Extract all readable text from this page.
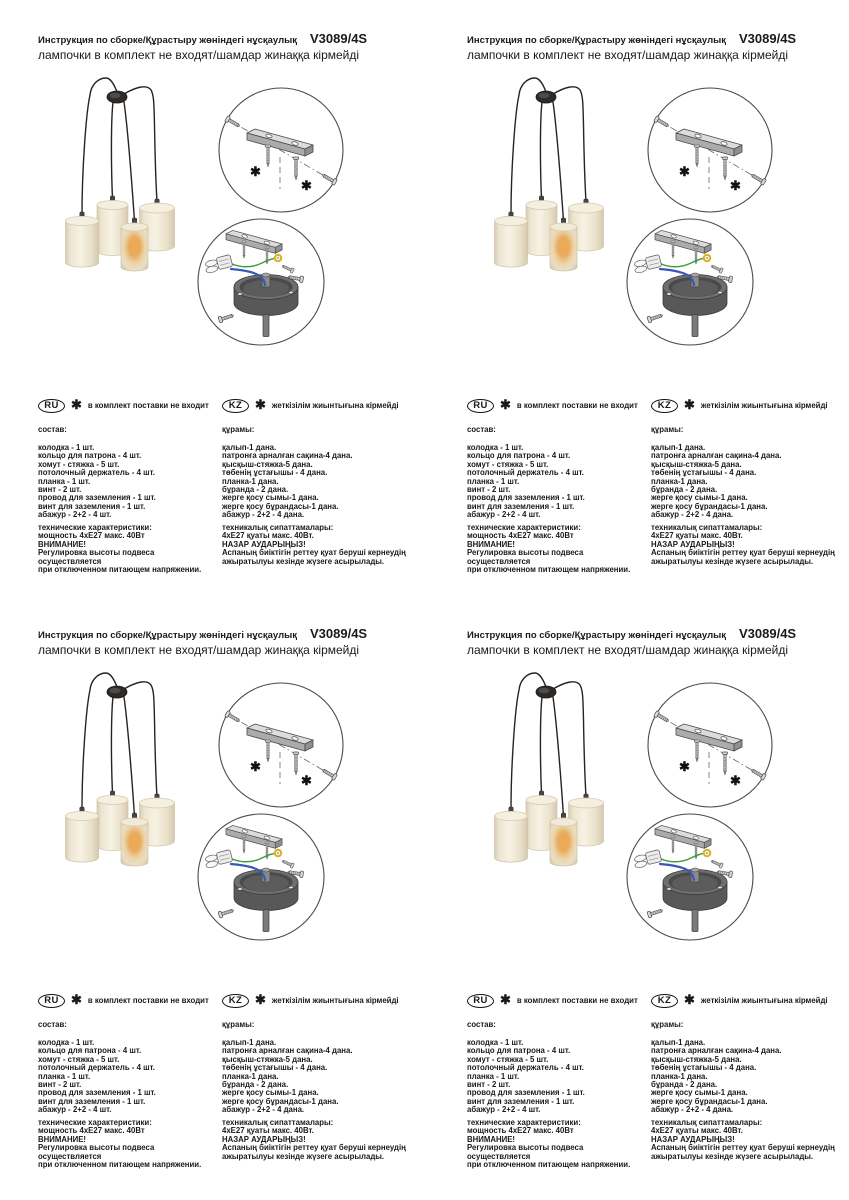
Инструкция по сборке/Құрастыру жөніндегі нұсқаулық V3089/4S
лампочки в комплект не входят/шамдар жинаққа кірмейді
✱
✱
RU ✱ в комплект поставки не входит
состав:
колодка - 1 шт.
кольцо для патрона - 4 шт.
хомут - стяжка - 5 шт.
потолочный держатель - 4 шт.
планка - 1 шт.
винт - 2 шт.
провод для заземления - 1 шт.
винт для заземления - 1 шт.
абажур - 2+2 - 4 шт.
технические характеристики:
мощность 4хЕ27 макс. 40Вт
ВНИМАНИЕ!
Регулировка высоты подвеса осуществляется
при отключенном питающем напряжении.
KZ ✱ жеткізілім жиынтығына кірмейді
құрамы:
қалып-1 дана.
патронға арналған сақина-4 дана.
қысқыш-стяжка-5 дана.
төбенің ұстағышы - 4 дана.
планка-1 дана.
бұранда - 2 дана.
жерге қосу сымы-1 дана.
жерге қосу бұрандасы-1 дана.
абажур - 2+2 - 4 дана.
техникалық сипаттамалары:
4хЕ27 қуаты макс. 40Вт.
НАЗАР АУДАРЫҢЫЗ!
Аспаның биіктігін реттеу қуат беруші кернеудің
ажыратылуы кезінде жүзеге асырылады.
Инструкция по сборке/Құрастыру жөніндегі нұсқаулық V3089/4S
лампочки в комплект не входят/шамдар жинаққа кірмейді
✱
✱
RU ✱ в комплект поставки не входит
состав:
колодка - 1 шт.
кольцо для патрона - 4 шт.
хомут - стяжка - 5 шт.
потолочный держатель - 4 шт.
планка - 1 шт.
винт - 2 шт.
провод для заземления - 1 шт.
винт для заземления - 1 шт.
абажур - 2+2 - 4 шт.
технические характеристики:
мощность 4хЕ27 макс. 40Вт
ВНИМАНИЕ!
Регулировка высоты подвеса осуществляется
при отключенном питающем напряжении.
KZ ✱ жеткізілім жиынтығына кірмейді
құрамы:
қалып-1 дана.
патронға арналған сақина-4 дана.
қысқыш-стяжка-5 дана.
төбенің ұстағышы - 4 дана.
планка-1 дана.
бұранда - 2 дана.
жерге қосу сымы-1 дана.
жерге қосу бұрандасы-1 дана.
абажур - 2+2 - 4 дана.
техникалық сипаттамалары:
4хЕ27 қуаты макс. 40Вт.
НАЗАР АУДАРЫҢЫЗ!
Аспаның биіктігін реттеу қуат беруші кернеудің
ажыратылуы кезінде жүзеге асырылады.
Инструкция по сборке/Құрастыру жөніндегі нұсқаулық V3089/4S
лампочки в комплект не входят/шамдар жинаққа кірмейді
✱
✱
RU ✱ в комплект поставки не входит
состав:
колодка - 1 шт.
кольцо для патрона - 4 шт.
хомут - стяжка - 5 шт.
потолочный держатель - 4 шт.
планка - 1 шт.
винт - 2 шт.
провод для заземления - 1 шт.
винт для заземления - 1 шт.
абажур - 2+2 - 4 шт.
технические характеристики:
мощность 4хЕ27 макс. 40Вт
ВНИМАНИЕ!
Регулировка высоты подвеса осуществляется
при отключенном питающем напряжении.
KZ ✱ жеткізілім жиынтығына кірмейді
құрамы:
қалып-1 дана.
патронға арналған сақина-4 дана.
қысқыш-стяжка-5 дана.
төбенің ұстағышы - 4 дана.
планка-1 дана.
бұранда - 2 дана.
жерге қосу сымы-1 дана.
жерге қосу бұрандасы-1 дана.
абажур - 2+2 - 4 дана.
техникалық сипаттамалары:
4хЕ27 қуаты макс. 40Вт.
НАЗАР АУДАРЫҢЫЗ!
Аспаның биіктігін реттеу қуат беруші кернеудің
ажыратылуы кезінде жүзеге асырылады.
Инструкция по сборке/Құрастыру жөніндегі нұсқаулық V3089/4S
лампочки в комплект не входят/шамдар жинаққа кірмейді
✱
✱
RU ✱ в комплект поставки не входит
состав:
колодка - 1 шт.
кольцо для патрона - 4 шт.
хомут - стяжка - 5 шт.
потолочный держатель - 4 шт.
планка - 1 шт.
винт - 2 шт.
провод для заземления - 1 шт.
винт для заземления - 1 шт.
абажур - 2+2 - 4 шт.
технические характеристики:
мощность 4хЕ27 макс. 40Вт
ВНИМАНИЕ!
Регулировка высоты подвеса осуществляется
при отключенном питающем напряжении.
KZ ✱ жеткізілім жиынтығына кірмейді
құрамы:
қалып-1 дана.
патронға арналған сақина-4 дана.
қысқыш-стяжка-5 дана.
төбенің ұстағышы - 4 дана.
планка-1 дана.
бұранда - 2 дана.
жерге қосу сымы-1 дана.
жерге қосу бұрандасы-1 дана.
абажур - 2+2 - 4 дана.
техникалық сипаттамалары:
4хЕ27 қуаты макс. 40Вт.
НАЗАР АУДАРЫҢЫЗ!
Аспаның биіктігін реттеу қуат беруші кернеудің
ажыратылуы кезінде жүзеге асырылады.
